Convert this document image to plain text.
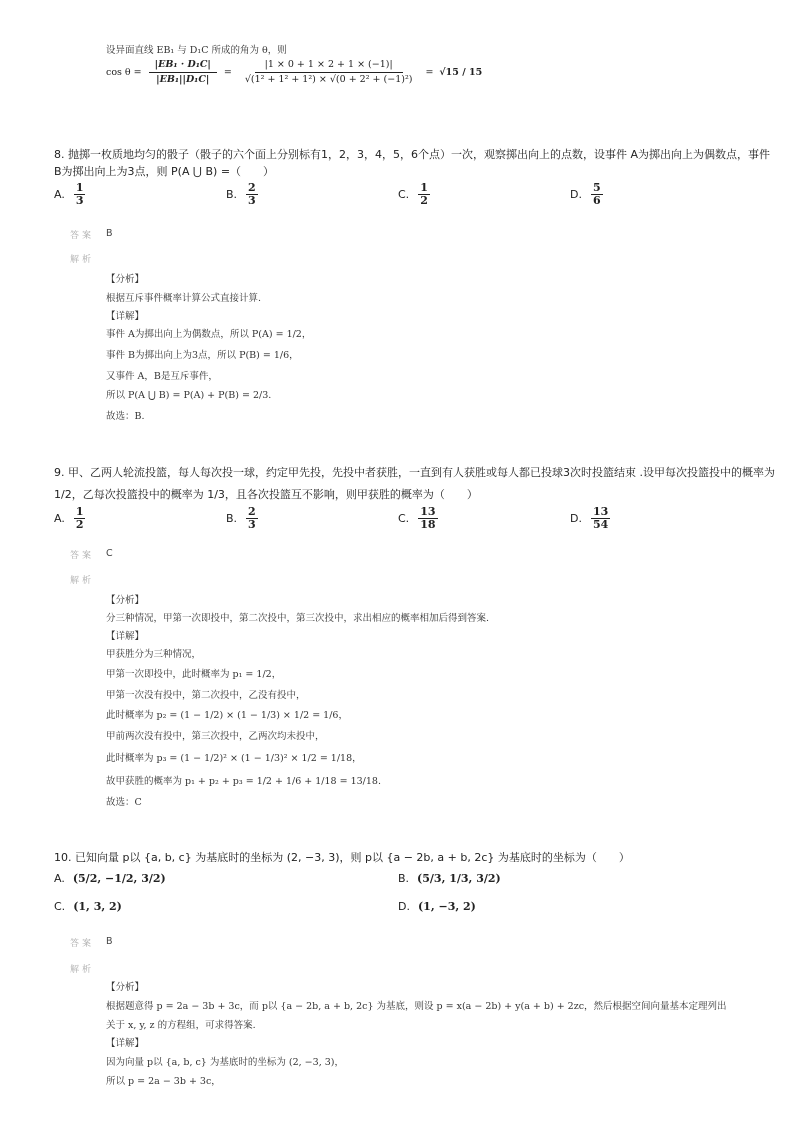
设异面直线 EB₁ 与 D₁C 所成的角为 θ，则
$\cos \theta = \frac{\text{|EB₁ · D₁C|}}{\text{|EB₁||D₁C|}} = \frac{|1 \times 0 + 1 \times 2 + 1 \times (-1)|}{\text{√(1² + 1² + 1²) × √(0 + 2² + (−1)²)}} = √15 / 15$
8. 抛掷一枚质地均匀的骰子（骰子的六个面上分别标有1，2，3，4，5，6个点）一次，观察掷出向上的点数，设事件 A为掷出向上为偶数点，事件
B为掷出向上为3点，则 P(A ⋃ B) =（　　）
A. $\frac{1}{3}$	B. $\frac{2}{3}$	C. $\frac{1}{2}$	D. $\frac{5}{6}$
答案 B
解析
【分析】
根据互斥事件概率计算公式直接计算.
【详解】
事件 A为掷出向上为偶数点，所以 P(A) = 1/2，
事件 B为掷出向上为3点，所以 P(B) = 1/6，
又事件 A，B是互斥事件，
所以 P(A ⋃ B) = P(A) + P(B) = 2/3.
故选：B.
9. 甲、乙两人轮流投篮，每人每次投一球，约定甲先投，先投中者获胜，一直到有人获胜或每人都已投球3次时投篮结束 .设甲每次投篮投中的概率为
1/2，乙每次投篮投中的概率为 1/3，且各次投篮互不影响，则甲获胜的概率为（　　）
A. $\frac{1}{2}$	B. $\frac{2}{3}$	C. $\frac{13}{18}$	D. $\frac{13}{54}$
答案 C
解析
【分析】
分三种情况，甲第一次即投中，第二次投中，第三次投中，求出相应的概率相加后得到答案.
【详解】
甲获胜分为三种情况，
甲第一次即投中，此时概率为 p₁ = 1/2，
甲第一次没有投中，第二次投中，乙没有投中，
此时概率为 p₂ = (1 − 1/2) × (1 − 1/3) × 1/2 = 1/6，
甲前两次没有投中，第三次投中，乙两次均未投中，
此时概率为 p₃ = (1 − 1/2)² × (1 − 1/3)² × 1/2 = 1/18，
故甲获胜的概率为 p₁ + p₂ + p₃ = 1/2 + 1/6 + 1/18 = 13/18.
故选：C
10. 已知向量 p以 {a, b, c} 为基底时的坐标为 (2, −3, 3)，则 p以 {a − 2b, a + b, 2c} 为基底时的坐标为（　　）
A. (5/2, −1/2, 3/2)	B. (5/3, 1/3, 3/2)
C. (1, 3, 2)	D. (1, −3, 2)
答案 B
解析
【分析】
根据题意得 p = 2a − 3b + 3c，而 p以 {a − 2b, a + b, 2c} 为基底，则设 p = x(a − 2b) + y(a + b) + 2zc，然后根据空间向量基本定理列出
关于 x, y, z 的方程组，可求得答案.
【详解】
因为向量 p以 {a, b, c} 为基底时的坐标为 (2, −3, 3)，
所以 p = 2a − 3b + 3c，
